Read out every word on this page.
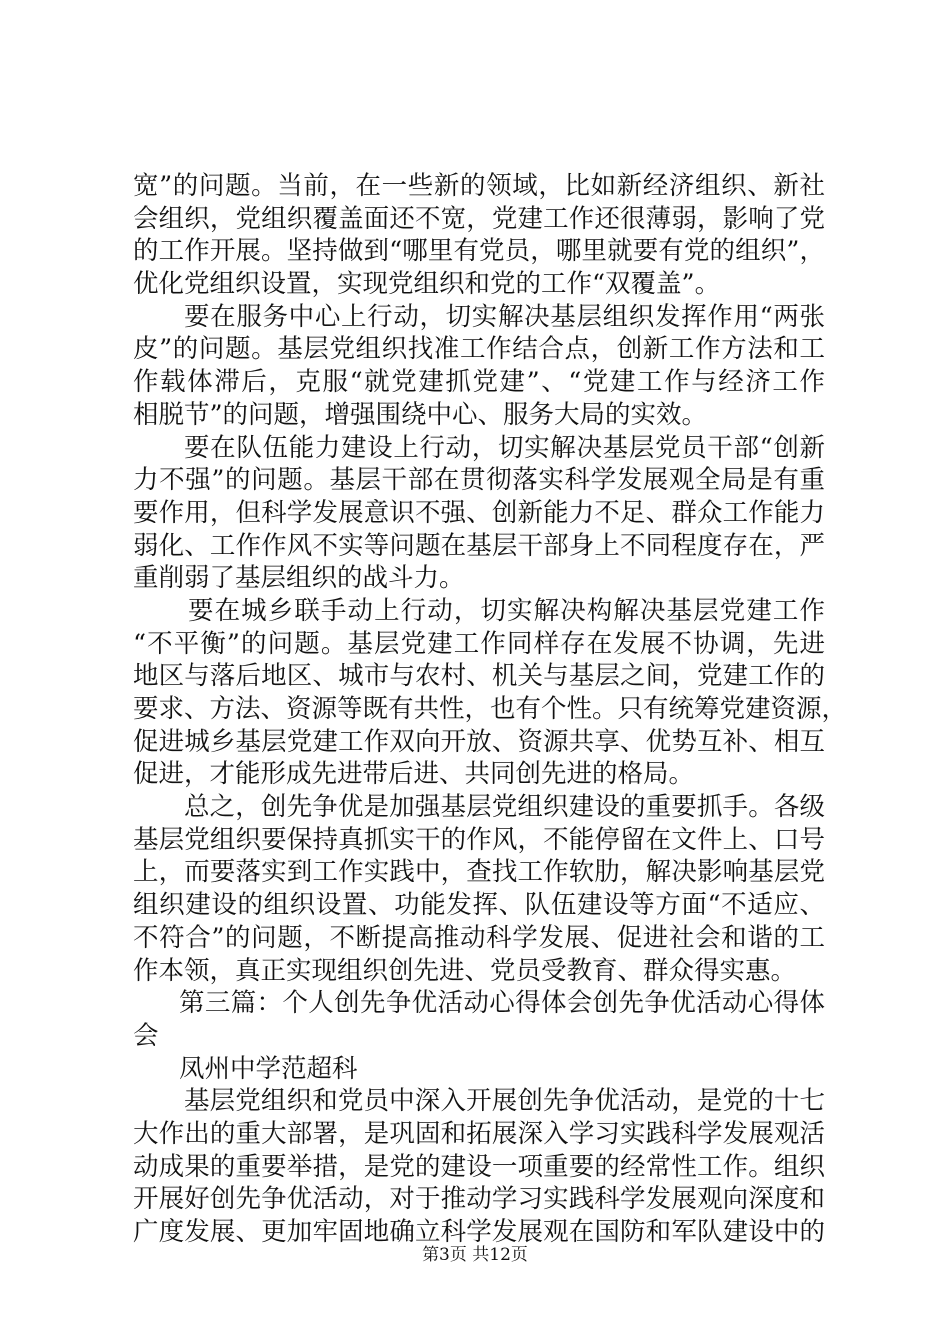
宽”的问题。当前，在一些新的领域，比如新经济组织、新社
会组织，党组织覆盖面还不宽，党建工作还很薄弱，影响了党
的工作开展。坚持做到“哪里有党员，哪里就要有党的组织”，
优化党组织设置，实现党组织和党的工作“双覆盖”。
要在服务中心上行动，切实解决基层组织发挥作用“两张
皮”的问题。基层党组织找准工作结合点，创新工作方法和工
作载体滞后，克服“就党建抓党建”、“党建工作与经济工作
相脱节”的问题，增强围绕中心、服务大局的实效。
要在队伍能力建设上行动，切实解决基层党员干部“创新
力不强”的问题。基层干部在贯彻落实科学发展观全局是有重
要作用，但科学发展意识不强、创新能力不足、群众工作能力
弱化、工作作风不实等问题在基层干部身上不同程度存在，严
重削弱了基层组织的战斗力。
要在城乡联手动上行动，切实解决构解决基层党建工作
“不平衡”的问题。基层党建工作同样存在发展不协调，先进
地区与落后地区、城市与农村、机关与基层之间，党建工作的
要求、方法、资源等既有共性，也有个性。只有统筹党建资源，
促进城乡基层党建工作双向开放、资源共享、优势互补、相互
促进，才能形成先进带后进、共同创先进的格局。
总之，创先争优是加强基层党组织建设的重要抓手。各级
基层党组织要保持真抓实干的作风，不能停留在文件上、口号
上，而要落实到工作实践中，查找工作软肋，解决影响基层党
组织建设的组织设置、功能发挥、队伍建设等方面“不适应、
不符合”的问题，不断提高推动科学发展、促进社会和谐的工
作本领，真正实现组织创先进、党员受教育、群众得实惠。
第三篇：个人创先争优活动心得体会创先争优活动心得体
会
凤州中学范超科
基层党组织和党员中深入开展创先争优活动，是党的十七
大作出的重大部署，是巩固和拓展深入学习实践科学发展观活
动成果的重要举措，是党的建设一项重要的经常性工作。组织
开展好创先争优活动，对于推动学习实践科学发展观向深度和
广度发展、更加牢固地确立科学发展观在国防和军队建设中的
第3页 共12页
